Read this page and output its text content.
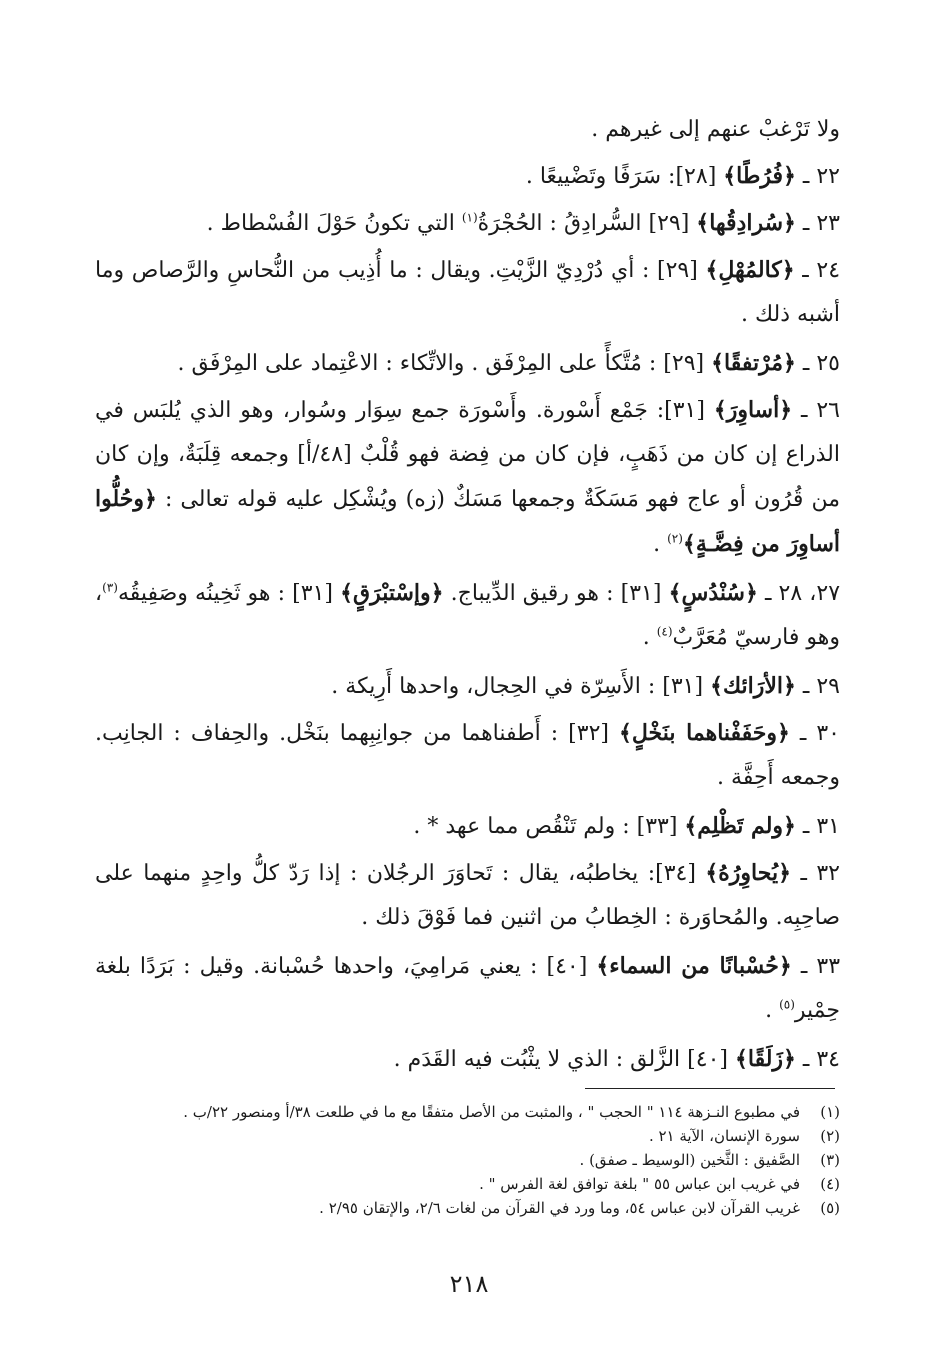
ولا تَرْغبْ عنهم إلى غيرهم .
٢٢ ـ ﴿فُرُطًا﴾ [٢٨]: سَرَفًا وتَضْييعًا .
٢٣ ـ ﴿سُرادِقُها﴾ [٢٩] السُّرادِقُ : الحُجْرَةُ$^{(١)}$ التي تكونُ حَوْلَ الفُسْطاط .
٢٤ ـ ﴿كالمُهْلِ﴾ [٢٩] : أي دُرْدِيّ الزَّيْتِ. ويقال : ما أُذِيب من النُّحاسِ والرَّصاص وما أشبه ذلك .
٢٥ ـ ﴿مُرْتفقًا﴾ [٢٩] : مُتَّكأً على المِرْفَق . والاتِّكاء : الاعْتِماد على المِرْفَق .
٢٦ ـ ﴿أساوِرَ﴾ [٣١]: جَمْع أَسْورة. وأَسْورَة جمع سِوَار وسُوار، وهو الذي يُلبَس في الذراع إن كان من ذَهَبٍ، فإن كان من فِضة فهو قُلْبٌ [٤٨/أ] وجمعه قِلَبَةٌ، وإن كان من قُرُون أو عاج فهو مَسَكَةٌ وجمعها مَسَكٌ (زه) ويُشْكِل عليه قوله تعالى : ﴿وحُلُّوا أساوِرَ من فِضَّـةٍ﴾$^{(٢)}$ .
٢٧، ٢٨ ـ ﴿سُنْدُسٍ﴾ [٣١] : هو رقيق الدِّيباج. ﴿وإسْتبْرَقٍ﴾ [٣١] : هو ثَخِينُه وصَفِيقُه$^{(٣)}$، وهو فارسيّ مُعَرَّبٌ$^{(٤)}$ .
٢٩ ـ ﴿الأرَائك﴾ [٣١] : الأَسِرّة في الحِجال، واحدها أَرِيكة .
٣٠ ـ ﴿وحَفَفْناهما بنَخْلٍ﴾ [٣٢] : أَطفناهما من جوانِبِهما بنَخْل. والحِفاف : الجانِب. وجمعه أَحِفَّة .
٣١ ـ ﴿ولم تَظْلِم﴾ [٣٣] : ولم تَنْقُص مما عهد * .
٣٢ ـ ﴿يُحاوِرُهُ﴾ [٣٤]: يخاطبُه، يقال : تَحاوَرَ الرجُلان : إذا رَدّ كلُّ واحِدٍ منهما على صاحِبِه. والمُحاوَرة : الخِطابُ من اثنين فما فَوْقَ ذلك .
٣٣ ـ ﴿حُسْبانًا من السماء﴾ [٤٠] : يعني مَرامِيَ، واحدها حُسْبانة. وقيل : بَرَدًا بلغة حِمْير$^{(٥)}$ .
٣٤ ـ ﴿زَلَقًا﴾ [٤٠] الزَّلق : الذي لا يثْبُت فيه القَدَم .
(١)
في مطبوع النـزهة ١١٤ " الحجب " ، والمثبت من الأصل متفقًا مع ما في طلعت ٣٨/أ ومنصور ٢٢/ب .
(٢)
سورة الإنسان، الآية ٢١ .
(٣)
الصَّفيق : الثَّخين (الوسيط ـ صفق) .
(٤)
في غريب ابن عباس ٥٥ " بلغة توافق لغة الفرس " .
(٥)
غريب القرآن لابن عباس ٥٤، وما ورد في القرآن من لغات ٢/٦، والإتقان ٢/٩٥ .
٢١٨
